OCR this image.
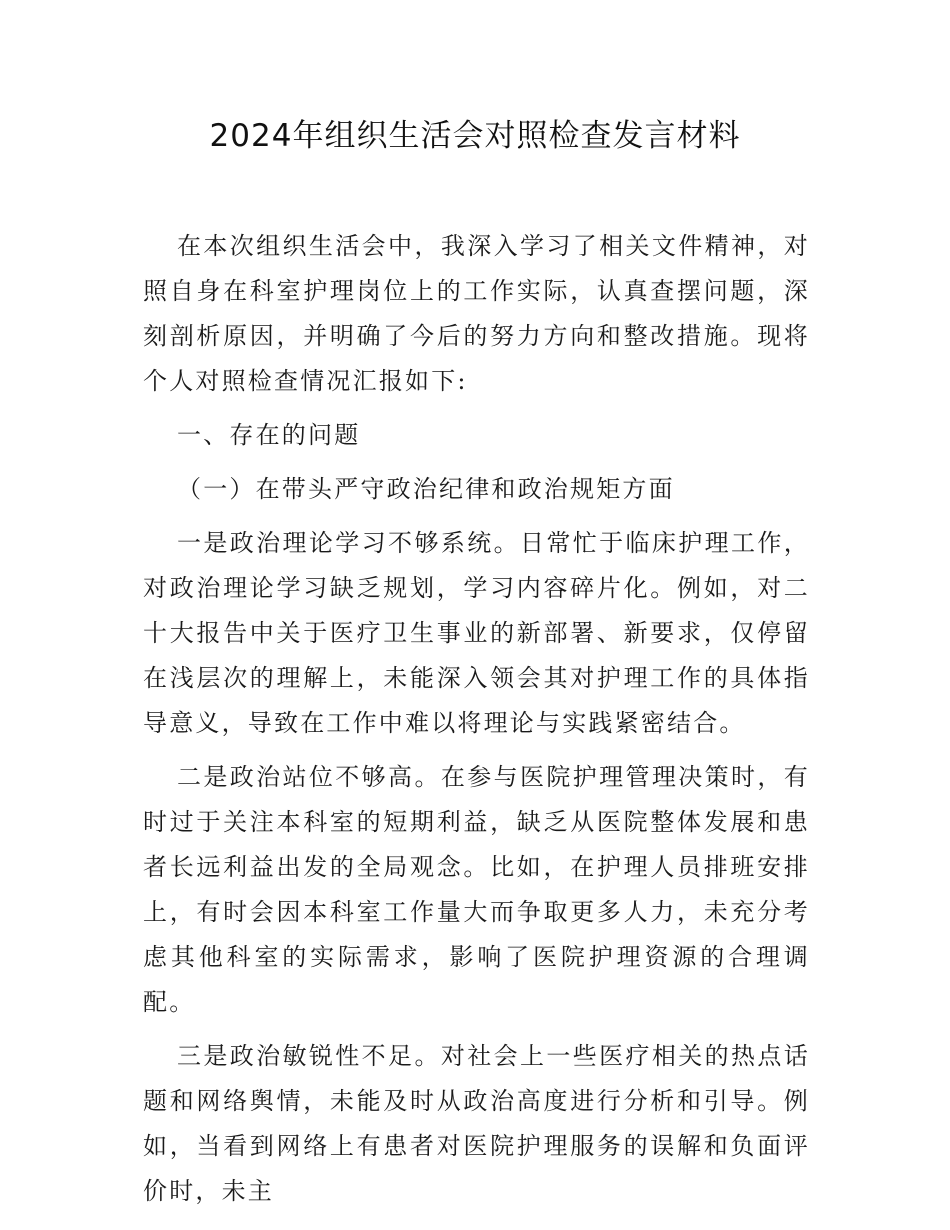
2024年组织生活会对照检查发言材料

在本次组织生活会中，我深入学习了相关文件精神，对照自身在科室护理岗位上的工作实际，认真查摆问题，深刻剖析原因，并明确了今后的努力方向和整改措施。现将个人对照检查情况汇报如下:

一、存在的问题

（一）在带头严守政治纪律和政治规矩方面

一是政治理论学习不够系统。日常忙于临床护理工作，对政治理论学习缺乏规划，学习内容碎片化。例如，对二十大报告中关于医疗卫生事业的新部署、新要求，仅停留在浅层次的理解上，未能深入领会其对护理工作的具体指导意义，导致在工作中难以将理论与实践紧密结合。

二是政治站位不够高。在参与医院护理管理决策时，有时过于关注本科室的短期利益，缺乏从医院整体发展和患者长远利益出发的全局观念。比如，在护理人员排班安排上，有时会因本科室工作量大而争取更多人力，未充分考虑其他科室的实际需求，影响了医院护理资源的合理调配。

三是政治敏锐性不足。对社会上一些医疗相关的热点话题和网络舆情，未能及时从政治高度进行分析和引导。例如，当看到网络上有患者对医院护理服务的误解和负面评价时，未主
